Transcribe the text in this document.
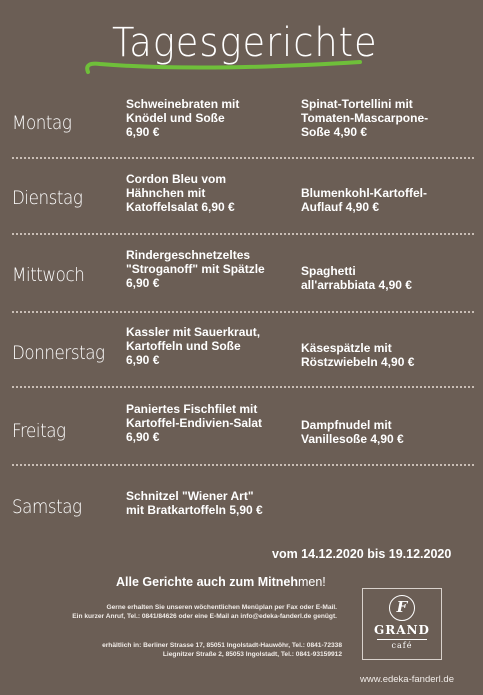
Tagesgerichte
Montag
Schweinebraten mit
Knödel und Soße
6,90 €
Spinat-Tortellini mit
Tomaten-Mascarpone-
Soße 4,90 €
Dienstag
Cordon Bleu vom
Hähnchen mit
Katoffelsalat 6,90 €
Blumenkohl-Kartoffel-
Auflauf 4,90 €
Mittwoch
Rindergeschnetzeltes
"Stroganoff" mit Spätzle
6,90 €
Spaghetti
all'arrabbiata 4,90 €
Donnerstag
Kassler mit Sauerkraut,
Kartoffeln und Soße
6,90 €
Käsespätzle mit
Röstzwiebeln 4,90 €
Freitag
Paniertes Fischfilet mit
Kartoffel-Endivien-Salat
6,90 €
Dampfnudel mit
Vanillesoße 4,90 €
Samstag	Schnitzel "Wiener Art"
mit Bratkartoffeln 5,90 €
vom 14.12.2020 bis 19.12.2020
Alle Gerichte auch zum Mitnehmen!
Gerne erhalten Sie unseren wöchentlichen Menüplan per Fax oder E-Mail.
Ein kurzer Anruf, Tel.: 0841/84626 oder eine E-Mail an info@edeka-fanderl.de genügt.
erhältlich in: Berliner Strasse 17, 85051 Ingolstadt-Hauwöhr, Tel.: 0841-72338
Liegnitzer Straße 2, 85053 Ingolstadt, Tel.: 0841-93159912
F
GRAND
café
www.edeka-fanderl.de
